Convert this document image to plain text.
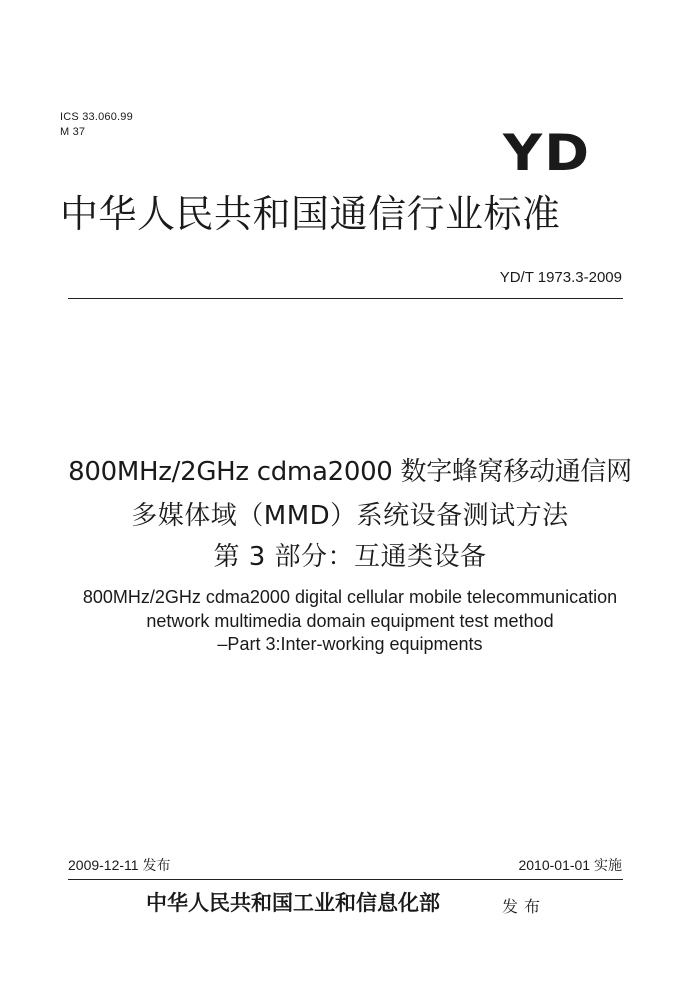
ICS 33.060.99
M 37	YD
中华人民共和国通信行业标准
YD/T 1973.3-2009
800MHz/2GHz cdma2000 数字蜂窝移动通信网
多媒体域（MMD）系统设备测试方法
第 3 部分：互通类设备
800MHz/2GHz cdma2000 digital cellular mobile telecommunication
network multimedia domain equipment test method
–Part 3:Inter-working equipments
2009-12-11 发布	2010-01-01 实施
中华人民共和国工业和信息化部	发布
